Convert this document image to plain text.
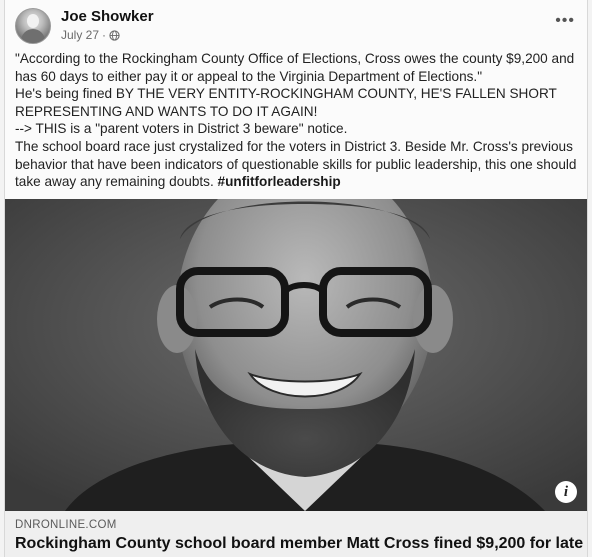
Joe Showker
July 27 ·
•••

"According to the Rockingham County Office of Elections, Cross owes the county $9,200 and has 60 days to either pay it or appeal to the Virginia Department of Elections."

He's being fined BY THE VERY ENTITY-ROCKINGHAM COUNTY, HE'S FALLEN SHORT REPRESENTING AND WANTS TO DO IT AGAIN!

--> THIS is a "parent voters in District 3 beware" notice.

The school board race just crystalized for the voters in District 3. Beside Mr. Cross's previous behavior that have been indicators of questionable skills for public leadership, this one should take away any remaining doubts. #unfitforleadership

i
DNRONLINE.COM
Rockingham County school board member Matt Cross fined $9,200 for late
